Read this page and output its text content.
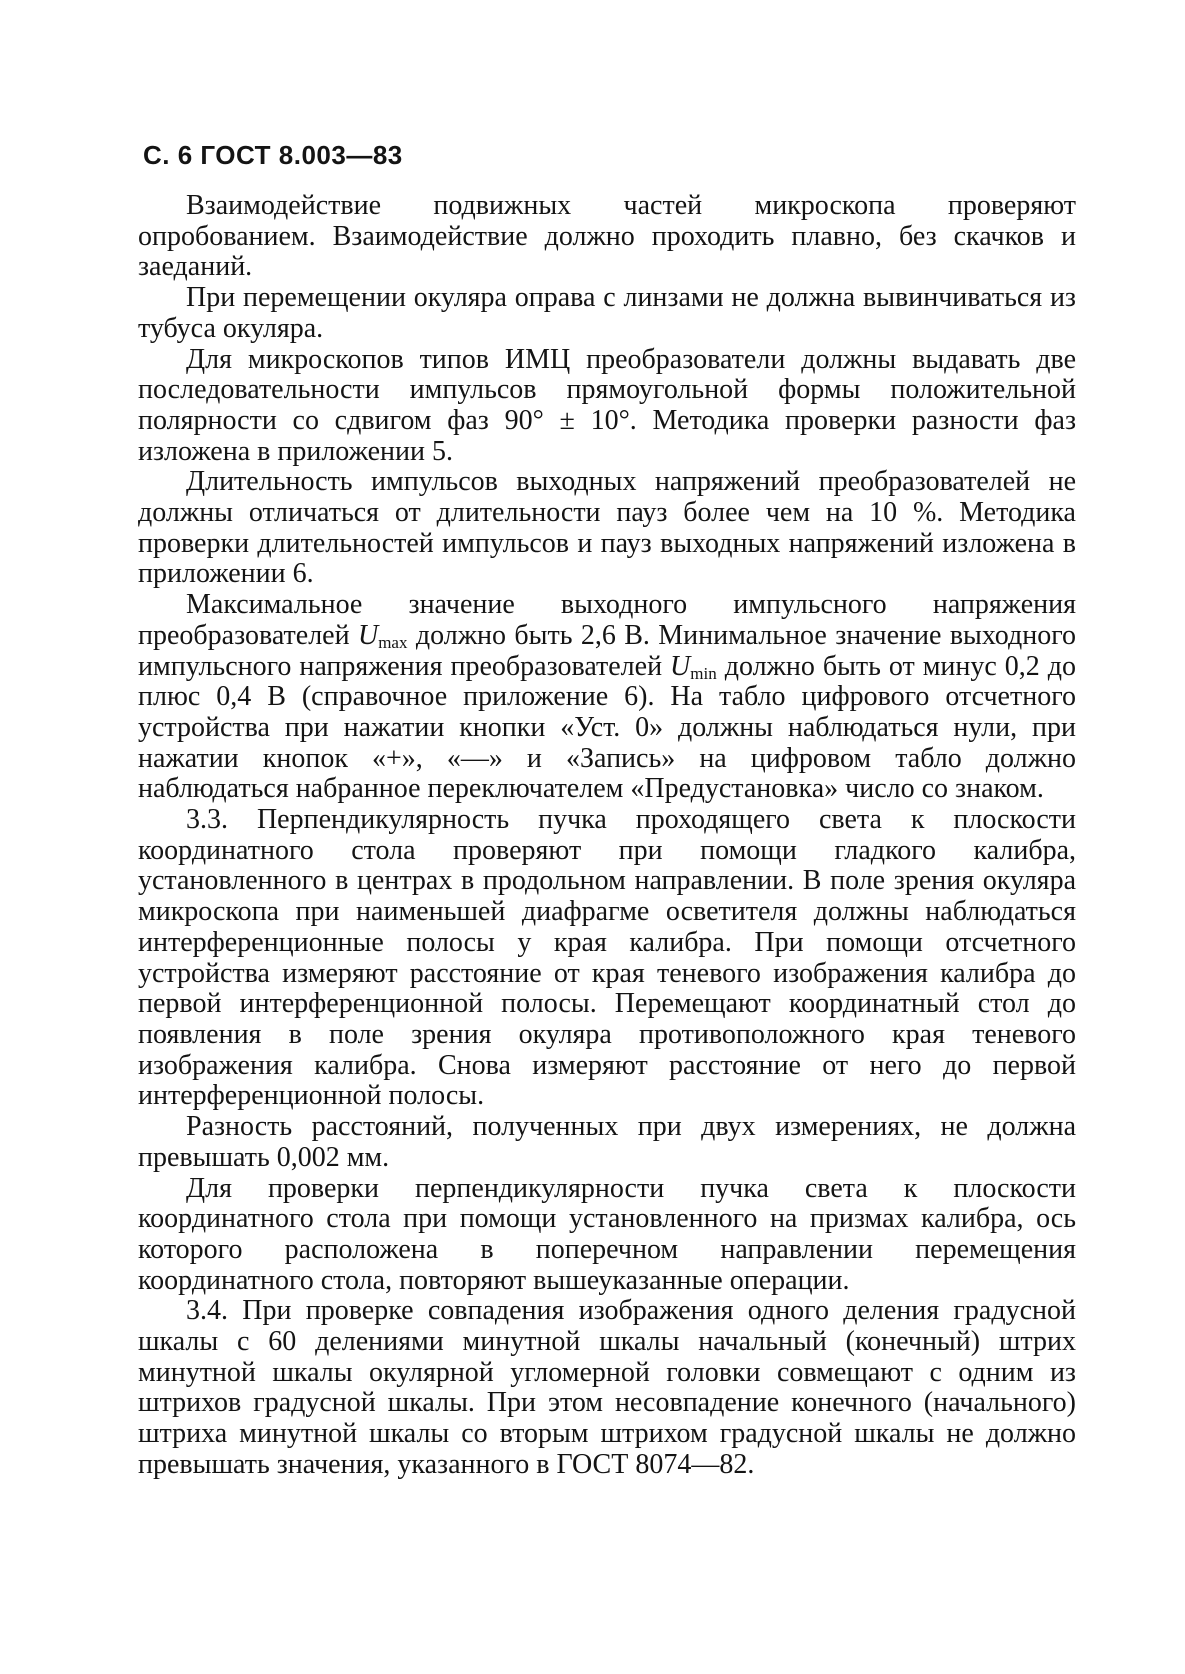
С. 6 ГОСТ 8.003—83

Взаимодействие подвижных частей микроскопа проверяют опробованием. Взаимодействие должно проходить плавно, без скачков и заеданий.

При перемещении окуляра оправа с линзами не должна вывинчиваться из тубуса окуляра.

Для микроскопов типов ИМЦ преобразователи должны выдавать две последовательности импульсов прямоугольной формы положительной полярности со сдвигом фаз 90° ± 10°. Методика проверки разности фаз изложена в приложении 5.

Длительность импульсов выходных напряжений преобразователей не должны отличаться от длительности пауз более чем на 10 %. Методика проверки длительностей импульсов и пауз выходных напряжений изложена в приложении 6.

Максимальное значение выходного импульсного напряжения преобразователей $U_{max}$ должно быть 2,6 В. Минимальное значение выходного импульсного напряжения преобразователей $U_{min}$ должно быть от минус 0,2 до плюс 0,4 В (справочное приложение 6). На табло цифрового отсчетного устройства при нажатии кнопки «Уст. 0» должны наблюдаться нули, при нажатии кнопок «+», «—» и «Запись» на цифровом табло должно наблюдаться набранное переключателем «Предустановка» число со знаком.

3.3. Перпендикулярность пучка проходящего света к плоскости координатного стола проверяют при помощи гладкого калибра, установленного в центрах в продольном направлении. В поле зрения окуляра микроскопа при наименьшей диафрагме осветителя должны наблюдаться интерференционные полосы у края калибра. При помощи отсчетного устройства измеряют расстояние от края теневого изображения калибра до первой интерференционной полосы. Перемещают координатный стол до появления в поле зрения окуляра противоположного края теневого изображения калибра. Снова измеряют расстояние от него до первой интерференционной полосы.

Разность расстояний, полученных при двух измерениях, не должна превышать 0,002 мм.

Для проверки перпендикулярности пучка света к плоскости координатного стола при помощи установленного на призмах калибра, ось которого расположена в поперечном направлении перемещения координатного стола, повторяют вышеуказанные операции.

3.4. При проверке совпадения изображения одного деления градусной шкалы с 60 делениями минутной шкалы начальный (конечный) штрих минутной шкалы окулярной угломерной головки совмещают с одним из штрихов градусной шкалы. При этом несовпадение конечного (начального) штриха минутной шкалы со вторым штрихом градусной шкалы не должно превышать значения, указанного в ГОСТ 8074—82.
